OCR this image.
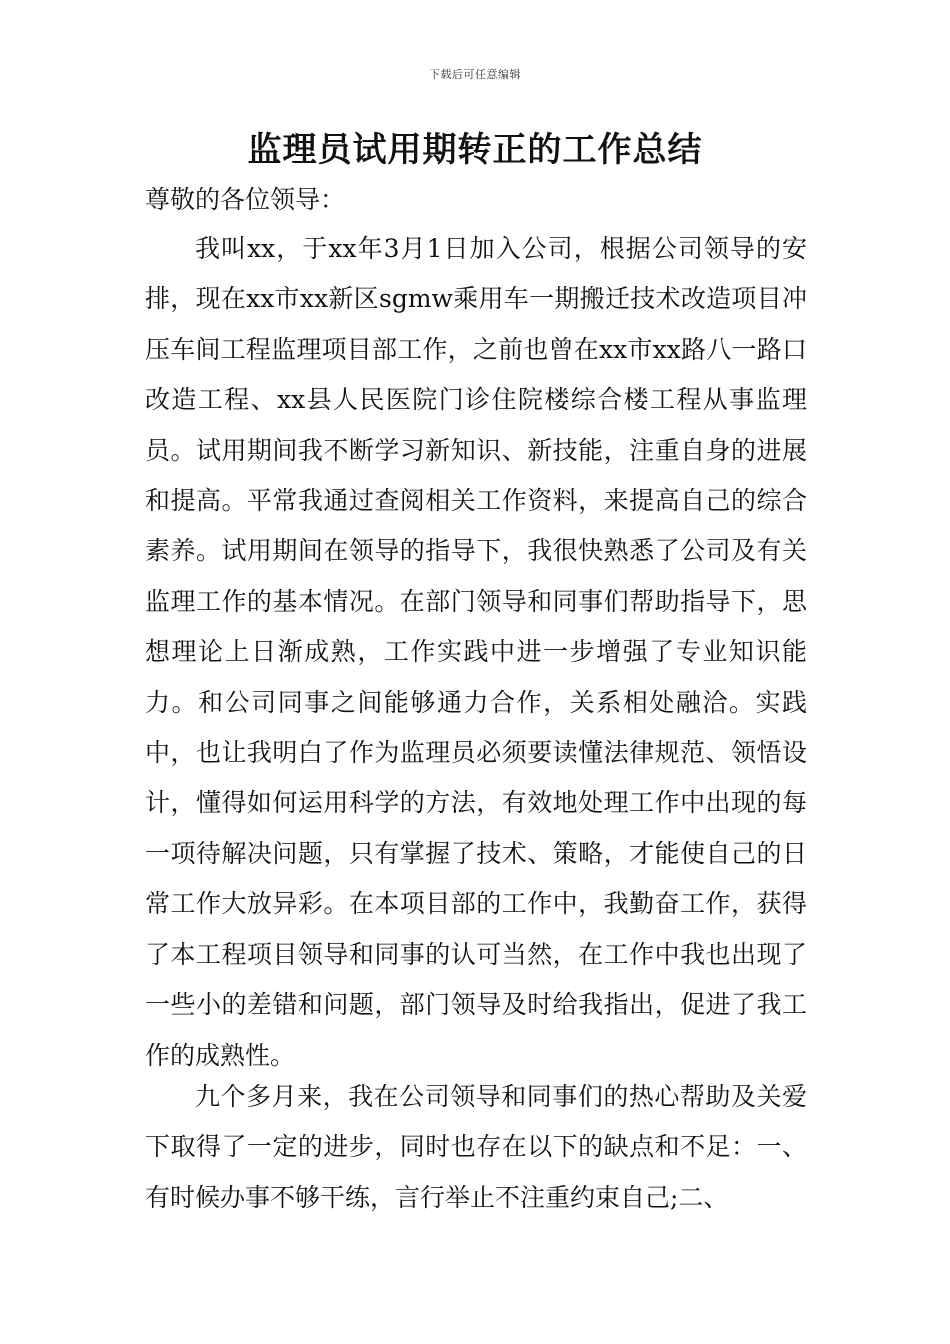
下载后可任意编辑
监理员试用期转正的工作总结

尊敬的各位领导：

我叫xx，于xx年3月1日加入公司，根据公司领导的安排，现在xx市xx新区sgmw乘用车一期搬迁技术改造项目冲压车间工程监理项目部工作，之前也曾在xx市xx路八一路口改造工程、xx县人民医院门诊住院楼综合楼工程从事监理员。试用期间我不断学习新知识、新技能，注重自身的进展和提高。平常我通过查阅相关工作资料，来提高自己的综合素养。试用期间在领导的指导下，我很快熟悉了公司及有关监理工作的基本情况。在部门领导和同事们帮助指导下，思想理论上日渐成熟，工作实践中进一步增强了专业知识能力。和公司同事之间能够通力合作，关系相处融洽。实践中，也让我明白了作为监理员必须要读懂法律规范、领悟设计，懂得如何运用科学的方法，有效地处理工作中出现的每一项待解决问题，只有掌握了技术、策略，才能使自己的日常工作大放异彩。在本项目部的工作中，我勤奋工作，获得了本工程项目领导和同事的认可当然，在工作中我也出现了一些小的差错和问题，部门领导及时给我指出，促进了我工作的成熟性。

九个多月来，我在公司领导和同事们的热心帮助及关爱下取得了一定的进步，同时也存在以下的缺点和不足：一、有时候办事不够干练，言行举止不注重约束自己;二、
